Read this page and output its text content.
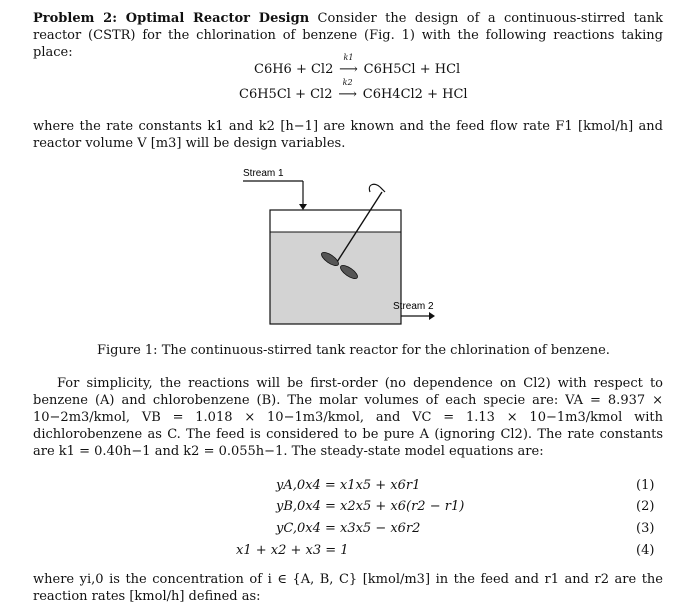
Problem 2: Optimal Reactor Design Consider the design of a continuous-stirred tank reactor (CSTR) for the chlorination of benzene (Fig. 1) with the following reactions taking place:

C6H6 + Cl2
k1
⟶ C6H5Cl + HCl
C6H5Cl + Cl2
k2
⟶ C6H4Cl2 + HCl

where the rate constants k1 and k2 [h−1] are known and the feed flow rate F1 [kmol/h] and reactor volume V [m3] will be design variables.

Stream 1
Stream 2
Figure 1: The continuous-stirred tank reactor for the chlorination of benzene.

For simplicity, the reactions will be first-order (no dependence on Cl2) with respect to benzene (A) and chlorobenzene (B). The molar volumes of each specie are: VA = 8.937 × 10−2m3/kmol, VB = 1.018 × 10−1m3/kmol, and VC = 1.13 × 10−1m3/kmol with dichlorobenzene as C. The feed is considered to be pure A (ignoring Cl2). The rate constants are k1 = 0.40h−1 and k2 = 0.055h−1. The steady-state model equations are:

yA,0x4 = x1x5 + x6r1	(1)
yB,0x4 = x2x5 + x6(r2 − r1)	(2)
yC,0x4 = x3x5 − x6r2	(3)
x1 + x2 + x3 = 1	(4)

where yi,0 is the concentration of i ∈ {A, B, C} [kmol/m3] in the feed and r1 and r2 are the reaction rates [kmol/h] defined as:
